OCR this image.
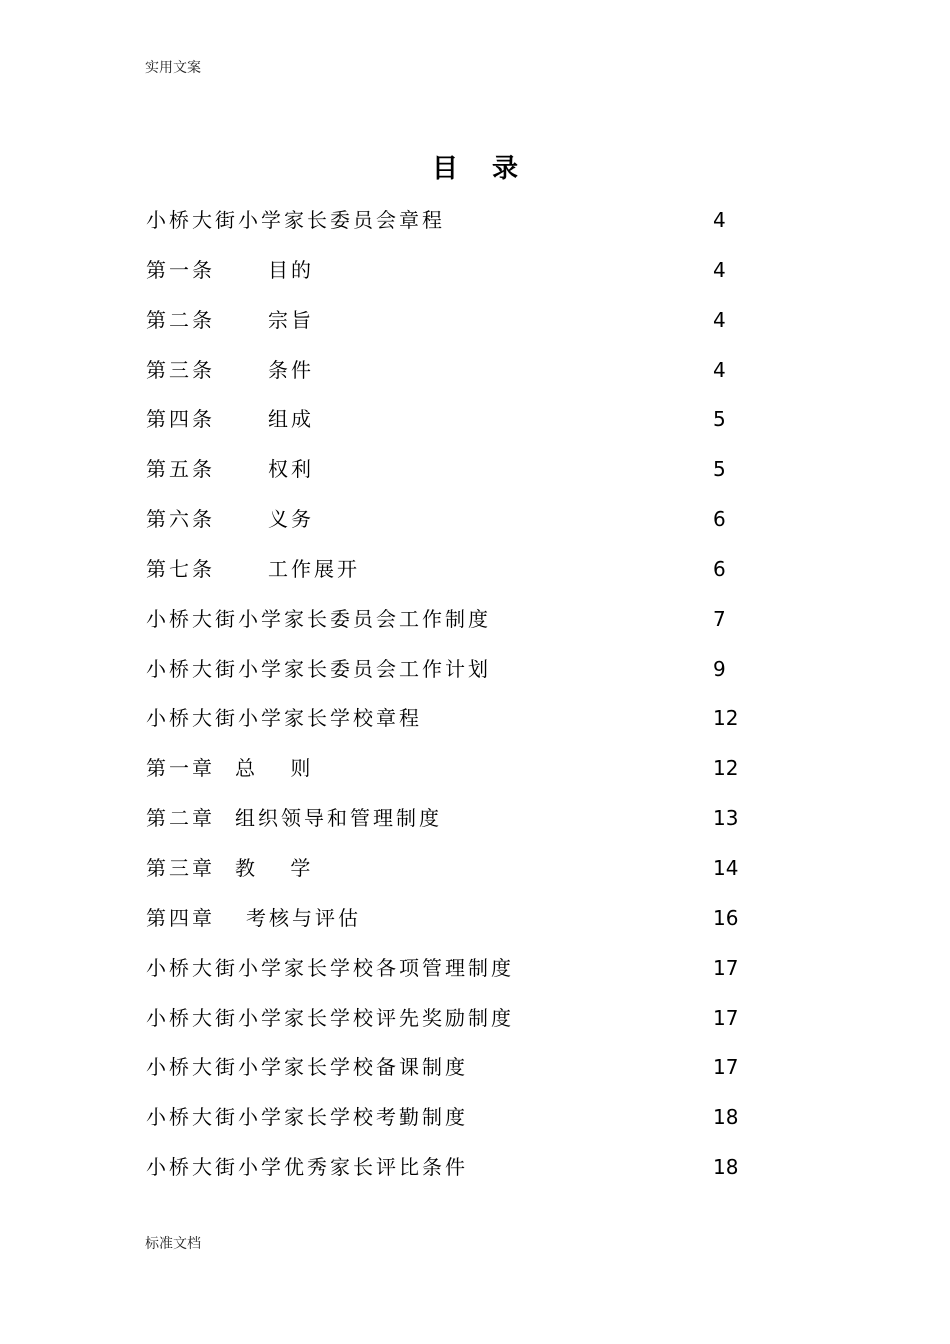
实用文案
目 录
小桥大街小学家长委员会章程	4
第一条	目的	4
第二条	宗旨	4
第三条	条件	4
第四条	组成	5
第五条	权利	5
第六条	义务	6
第七条	工作展开	6
小桥大街小学家长委员会工作制度	7
小桥大街小学家长委员会工作计划	9
小桥大街小学家长学校章程	12
第一章 总　 则	12
第二章 组织领导和管理制度	13
第三章 教　 学	14
第四章 考核与评估	16
小桥大街小学家长学校各项管理制度	17
小桥大街小学家长学校评先奖励制度	17
小桥大街小学家长学校备课制度	17
小桥大街小学家长学校考勤制度	18
小桥大街小学优秀家长评比条件	18
标准文档
